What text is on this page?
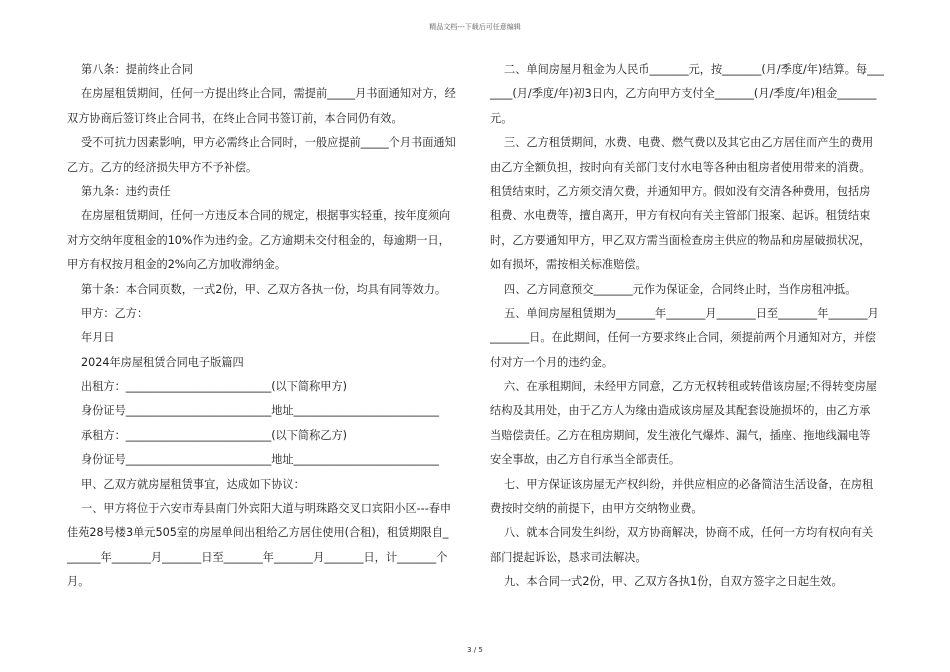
精品文档---下载后可任意编辑
第八条：提前终止合同
在房屋租赁期间，任何一方提出终止合同，需提前_____月书面通知对方，经
双方协商后签订终止合同书，在终止合同书签订前，本合同仍有效。
受不可抗力因素影响，甲方必需终止合同时，一般应提前_____个月书面通知
乙方。乙方的经济损失甲方不予补偿。
第九条：违约责任
在房屋租赁期间，任何一方违反本合同的规定，根据事实轻重，按年度须向
对方交纳年度租金的10%作为违约金。乙方逾期未交付租金的，每逾期一日，
甲方有权按月租金的2%向乙方加收滞纳金。
第十条：本合同页数，一式2份，甲、乙双方各执一份，均具有同等效力。
甲方：乙方：
年月日
2024年房屋租赁合同电子版篇四
出租方：__________________________(以下简称甲方)
身份证号__________________________地址__________________________
承租方：__________________________(以下简称乙方)
身份证号__________________________地址__________________________
甲、乙双方就房屋租赁事宜，达成如下协议：
一、甲方将位于六安市寿县南门外宾阳大道与明珠路交叉口宾阳小区---春申
佳苑28号楼3单元505室的房屋单间出租给乙方居住使用(合租)，租赁期限自_
______年_______月_______日至_______年_______月_______日，计_______个
月。
二、单间房屋月租金为人民币_______元，按_______(月/季度/年)结算。每___
____(月/季度/年)初3日内，乙方向甲方支付全_______(月/季度/年)租金_______
元。
三、乙方租赁期间，水费、电费、燃气费以及其它由乙方居住而产生的费用
由乙方全额负担，按时向有关部门支付水电等各种由租房者使用带来的消费。
租赁结束时，乙方须交清欠费，并通知甲方。假如没有交清各种费用，包括房
租费、水电费等，擅自离开，甲方有权向有关主管部门报案、起诉。租赁结束
时，乙方要通知甲方，甲乙双方需当面检查房主供应的物品和房屋破损状况，
如有损坏，需按相关标准赔偿。
四、乙方同意预交_______元作为保证金，合同终止时，当作房租冲抵。
五、单间房屋租赁期为_______年_______月_______日至_______年_______月
_______日。在此期间，任何一方要求终止合同，须提前两个月通知对方，并偿
付对方一个月的违约金。
六、在承租期间，未经甲方同意，乙方无权转租或转借该房屋;不得转变房屋
结构及其用处，由于乙方人为缘由造成该房屋及其配套设施损坏的，由乙方承
当赔偿责任。乙方在租房期间，发生液化气爆炸、漏气，插座、拖地线漏电等
安全事故，由乙方自行承当全部责任。
七、甲方保证该房屋无产权纠纷，并供应相应的必备简洁生活设备，在房租
费按时交纳的前提下，由甲方交纳物业费。
八、就本合同发生纠纷，双方协商解决，协商不成，任何一方均有权向有关
部门提起诉讼，恳求司法解决。
九、本合同一式2份，甲、乙双方各执1份，自双方签字之日起生效。
3 / 5
